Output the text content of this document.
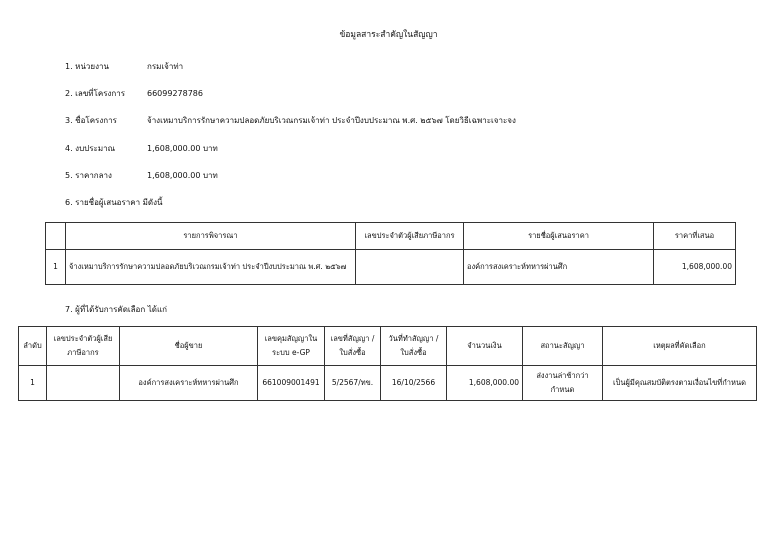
ข้อมูลสาระสำคัญในสัญญา
1. หน่วยงาน	กรมเจ้าท่า
2. เลขที่โครงการ	66099278786
3. ชื่อโครงการ	จ้างเหมาบริการรักษาความปลอดภัยบริเวณกรมเจ้าท่า ประจำปีงบประมาณ พ.ศ. ๒๕๖๗ โดยวิธีเฉพาะเจาะจง
4. งบประมาณ	1,608,000.00 บาท
5. ราคากลาง	1,608,000.00 บาท
6. รายชื่อผู้เสนอราคา มีดังนี้
	รายการพิจารณา	เลขประจำตัวผู้เสียภาษีอากร	รายชื่อผู้เสนอราคา	ราคาที่เสนอ
1	จ้างเหมาบริการรักษาความปลอดภัยบริเวณกรมเจ้าท่า ประจำปีงบประมาณ พ.ศ. ๒๕๖๗		องค์การสงเคราะห์ทหารผ่านศึก	1,608,000.00
7. ผู้ที่ได้รับการคัดเลือก ได้แก่
ลำดับ	เลขประจำตัวผู้เสียภาษีอากร	ชื่อผู้ขาย	เลขคุมสัญญาในระบบ e-GP	เลขที่สัญญา / ใบสั่งซื้อ	วันที่ทำสัญญา / ใบสั่งซื้อ	จำนวนเงิน	สถานะสัญญา	เหตุผลที่คัดเลือก
1		องค์การสงเคราะห์ทหารผ่านศึก	661009001491	5/2567/ทข.	16/10/2566	1,608,000.00	ส่งงานล่าช้ากว่ากำหนด	เป็นผู้มีคุณสมบัติตรงตามเงื่อนไขที่กำหนด
